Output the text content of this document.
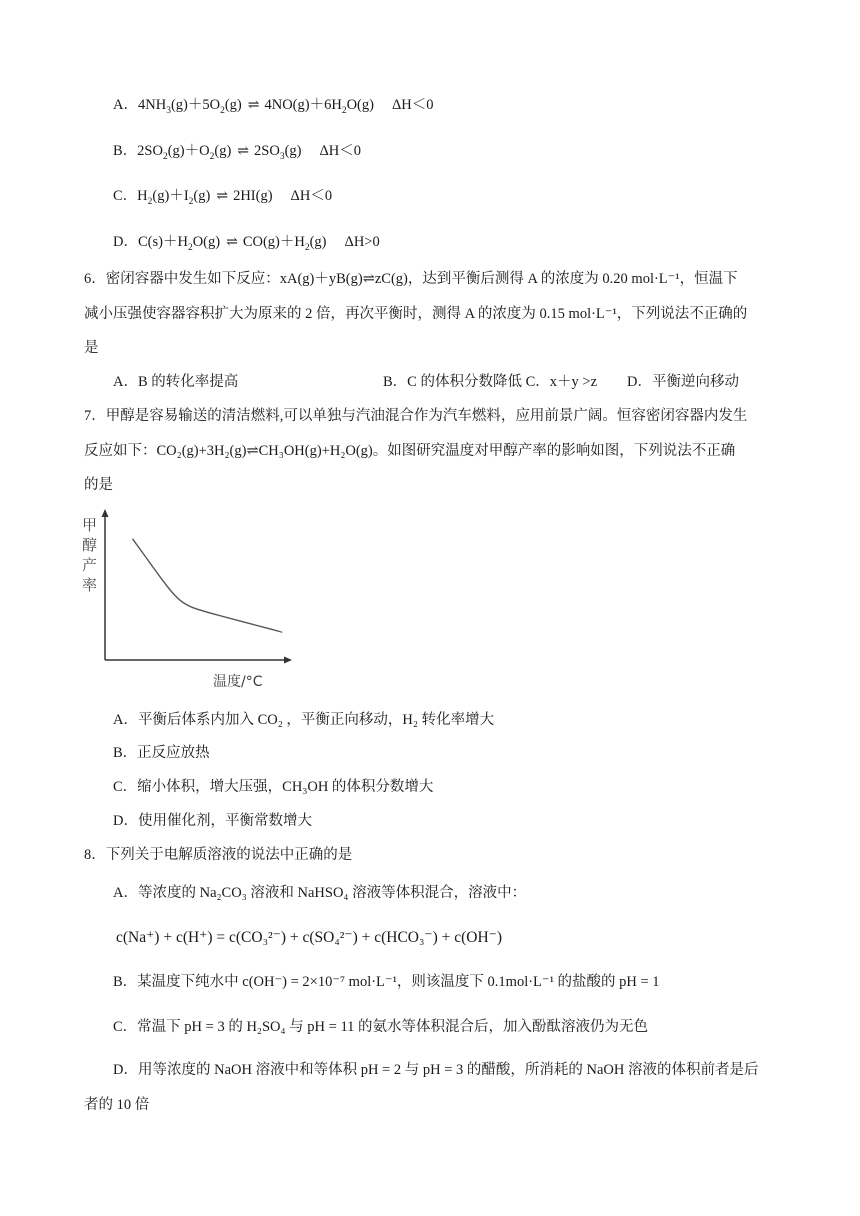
A．$4NH_3(g)+5O_2(g)$ ⇌ $4NO(g)+6H_2O(g)$ ΔH＜0
B．$2SO_2(g)+O_2(g)$ ⇌ $2SO_3(g)$ ΔH＜0
C．$H_2(g)+I_2(g)$ ⇌ 2HI(g) ΔH＜0
D．$C(s)+H_2O(g)$ ⇌ $CO(g)+H_2(g)$ ΔH>0
6．密闭容器中发生如下反应：xA(g)＋yB(g)⇌zC(g)，达到平衡后测得 A 的浓度为 0.20 mol·L⁻¹，恒温下
减小压强使容器容积扩大为原来的 2 倍，再次平衡时，测得 A 的浓度为 0.15 mol·L⁻¹，下列说法不正确的
是
A．B 的转化率提高	B．C 的体积分数降低 C．x＋y >z D．平衡逆向移动
7．甲醇是容易输送的清洁燃料,可以单独与汽油混合作为汽车燃料，应用前景广阔。恒容密闭容器内发生
反应如下：CO₂(g)+3H₂(g)⇌CH₃OH(g)+H₂O(g)。如图研究温度对甲醇产率的影响如图，下列说法不正确
的是
甲
醇
产
率
温度/°C
A．平衡后体系内加入 CO₂ ，平衡正向移动，H₂ 转化率增大
B．正反应放热
C．缩小体积，增大压强，CH₃OH 的体积分数增大
D．使用催化剂，平衡常数增大
8．下列关于电解质溶液的说法中正确的是
A．等浓度的 Na₂CO₃ 溶液和 NaHSO₄ 溶液等体积混合，溶液中：
c(Na⁺) + c(H⁺) = c(CO₃²⁻) + c(SO₄²⁻) + c(HCO₃⁻) + c(OH⁻)
B．某温度下纯水中 c(OH⁻) = 2×10⁻⁷ mol·L⁻¹，则该温度下 0.1mol·L⁻¹ 的盐酸的 pH = 1
C．常温下 pH = 3 的 H₂SO₄ 与 pH = 11 的氨水等体积混合后，加入酚酞溶液仍为无色
D．用等浓度的 NaOH 溶液中和等体积 pH = 2 与 pH = 3 的醋酸，所消耗的 NaOH 溶液的体积前者是后
者的 10 倍
